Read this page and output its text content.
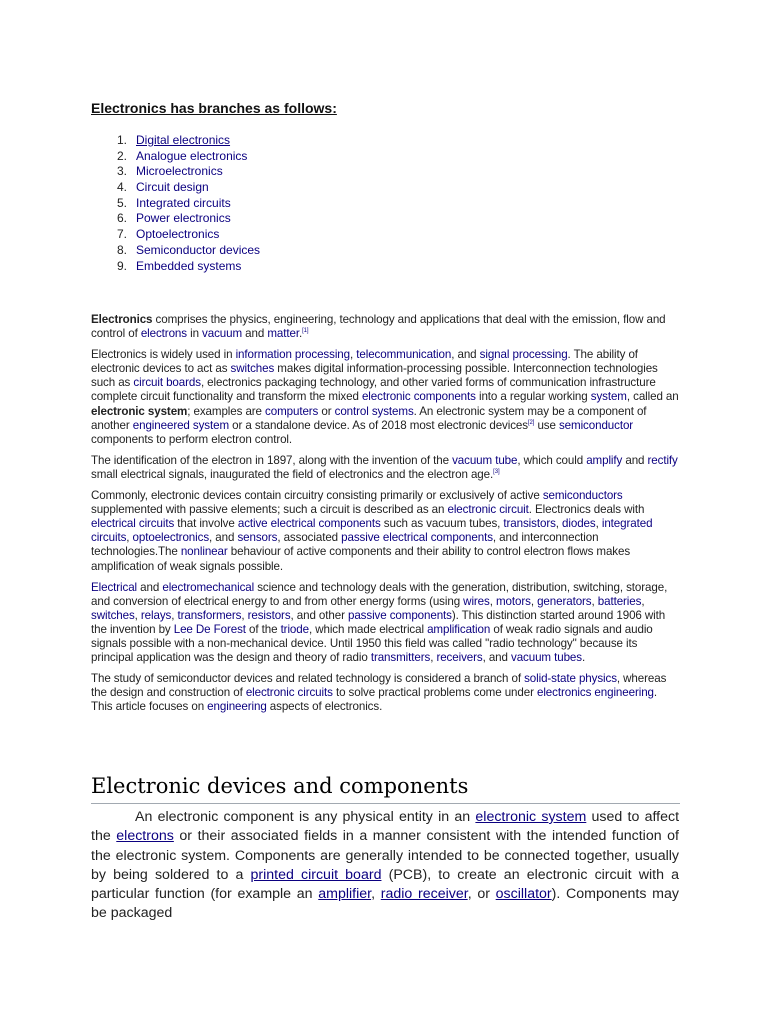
Electronics has branches as follows:
1. Digital electronics
2. Analogue electronics
3. Microelectronics
4. Circuit design
5. Integrated circuits
6. Power electronics
7. Optoelectronics
8. Semiconductor devices
9. Embedded systems

Electronics comprises the physics, engineering, technology and applications that deal with the emission, flow and control of electrons in vacuum and matter.[1]

Electronics is widely used in information processing, telecommunication, and signal processing. The ability of electronic devices to act as switches makes digital information-processing possible. Interconnection technologies such as circuit boards, electronics packaging technology, and other varied forms of communication infrastructure complete circuit functionality and transform the mixed electronic components into a regular working system, called an electronic system; examples are computers or control systems. An electronic system may be a component of another engineered system or a standalone device. As of 2018 most electronic devices[2] use semiconductor components to perform electron control.

The identification of the electron in 1897, along with the invention of the vacuum tube, which could amplify and rectify small electrical signals, inaugurated the field of electronics and the electron age.[3]

Commonly, electronic devices contain circuitry consisting primarily or exclusively of active semiconductors supplemented with passive elements; such a circuit is described as an electronic circuit. Electronics deals with electrical circuits that involve active electrical components such as vacuum tubes, transistors, diodes, integrated circuits, optoelectronics, and sensors, associated passive electrical components, and interconnection technologies.The nonlinear behaviour of active components and their ability to control electron flows makes amplification of weak signals possible.

Electrical and electromechanical science and technology deals with the generation, distribution, switching, storage, and conversion of electrical energy to and from other energy forms (using wires, motors, generators, batteries, switches, relays, transformers, resistors, and other passive components). This distinction started around 1906 with the invention by Lee De Forest of the triode, which made electrical amplification of weak radio signals and audio signals possible with a non-mechanical device. Until 1950 this field was called "radio technology" because its principal application was the design and theory of radio transmitters, receivers, and vacuum tubes.

The study of semiconductor devices and related technology is considered a branch of solid-state physics, whereas the design and construction of electronic circuits to solve practical problems come under electronics engineering. This article focuses on engineering aspects of electronics.

Electronic devices and components

An electronic component is any physical entity in an electronic system used to affect the electrons or their associated fields in a manner consistent with the intended function of the electronic system. Components are generally intended to be connected together, usually by being soldered to a printed circuit board (PCB), to create an electronic circuit with a particular function (for example an amplifier, radio receiver, or oscillator). Components may be packaged
